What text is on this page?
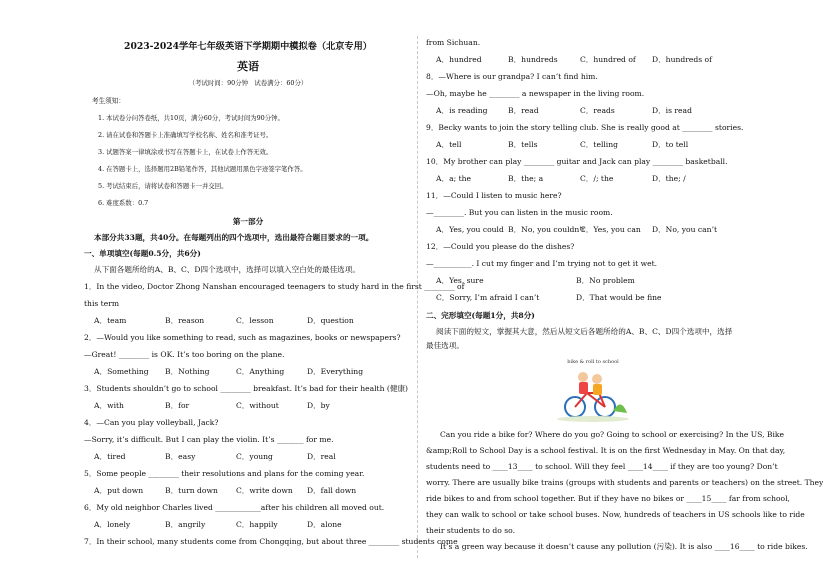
2023-2024学年七年级英语下学期期中模拟卷（北京专用）
英语
（考试时间：90分钟　试卷满分：60分）
考生须知：
1. 本试卷分问答卷纸，共10页，满分60分，考试时间为90分钟。
2. 请在试卷和答题卡上准确填写学校名称、姓名和准考证号。
3. 试题答案一律填涂或书写在答题卡上，在试卷上作答无效。
4. 在答题卡上，选择题用2B铅笔作答，其他试题用黑色字迹签字笔作答。
5. 考试结束后，请将试卷和答题卡一并交回。
6. 难度系数：0.7
第一部分
本部分共33题，共40分。在每题列出的四个选项中，选出最符合题目要求的一项。
一、单项填空(每题0.5分，共6分)
从下面各题所给的A、B、C、D四个选项中，选择可以填入空白处的最佳选项。
1．In the video, Doctor Zhong Nanshan encouraged teenagers to study hard in the first ________ of
this term
A．team	B．reason	C．lesson	D．question
2．—Would you like something to read, such as magazines, books or newspapers?
—Great! ________ is OK. It’s too boring on the plane.
A．Something	B．Nothing	C．Anything	D．Everything
3．Students shouldn’t go to school ________ breakfast. It’s bad for their health (健康)
A．with	B．for	C．without	D．by
4．—Can you play volleyball, Jack?
—Sorry, it’s difficult. But I can play the violin. It’s _______ for me.
A．tired	B．easy	C．young	D．real
5．Some people ________ their resolutions and plans for the coming year.
A．put down	B．turn down	C．write down	D．fall down
6．My old neighbor Charles lived ____________after his children all moved out.
A．lonely	B．angrily	C．happily	D．alone
7．In their school, many students come from Chongqing, but about three ________ students come
from Sichuan.
A．hundred	B．hundreds	C．hundred of	D．hundreds of
8．—Where is our grandpa? I can’t find him.
—Oh, maybe he ________ a newspaper in the living room.
A．is reading	B．read	C．reads	D．is read
9．Becky wants to join the story telling club. She is really good at ________ stories.
A．tell	B．tells	C．telling	D．to tell
10．My brother can play ________ guitar and Jack can play ________ basketball.
A．a; the	B．the; a	C．/; the	D．the; /
11．—Could I listen to music here?
—________. But you can listen in the music room.
A．Yes, you could B．No, you couldn’t
C．Yes, you can	D．No, you can’t
12．—Could you please do the dishes?
—__________. I cut my finger and I’m trying not to get it wet.
A．Yes, sure	B．No problem
C．Sorry, I’m afraid I can’t	D．That would be fine
二、完形填空(每题1分，共8分)
阅读下面的短文，掌握其大意，然后从短文后各题所给的A、B、C、D四个选项中，选择
最佳选项。
bike & roll to school
Can you ride a bike for? Where do you go? Going to school or exercising? In the US, Bike
&amp;Roll to School Day is a school festival. It is on the first Wednesday in May. On that day,
students need to ____13____ to school. Will they feel ____14____ if they are too young? Don’t
worry. There are usually bike trains (groups with students and parents or teachers) on the street. They
ride bikes to and from school together. But if they have no bikes or ____15____ far from school,
they can walk to school or take school buses. Now, hundreds of teachers in US schools like to ride
their students to do so.
It’s a green way because it doesn’t cause any pollution (污染). It is also ____16____ to ride bikes.
